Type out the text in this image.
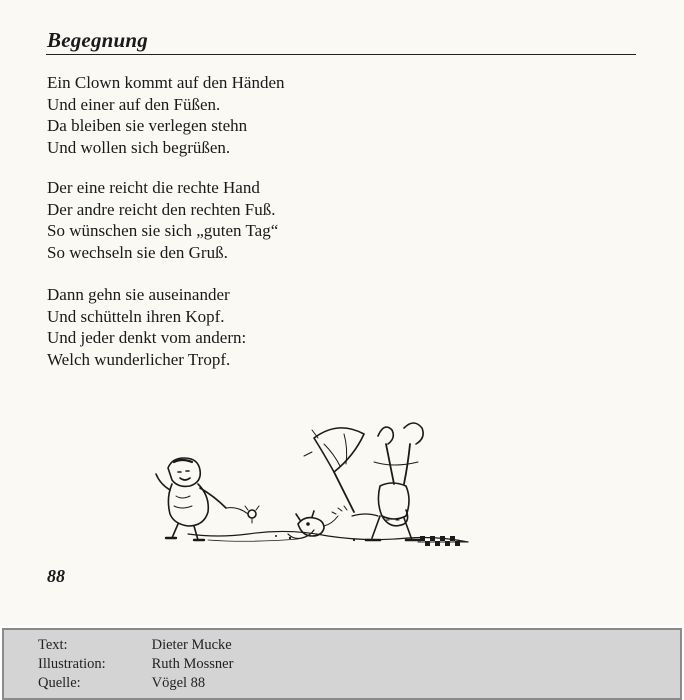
Begegnung
Ein Clown kommt auf den Händen
Und einer auf den Füßen.
Da bleiben sie verlegen stehn
Und wollen sich begrüßen.
Der eine reicht die rechte Hand
Der andre reicht den rechten Fuß.
So wünschen sie sich „guten Tag“
So wechseln sie den Gruß.
Dann gehn sie auseinander
Und schütteln ihren Kopf.
Und jeder denkt vom andern:
Welch wunderlicher Tropf.
88
Text:	Dieter Mucke
Illustration:	Ruth Mossner
Quelle:	Vögel 88
